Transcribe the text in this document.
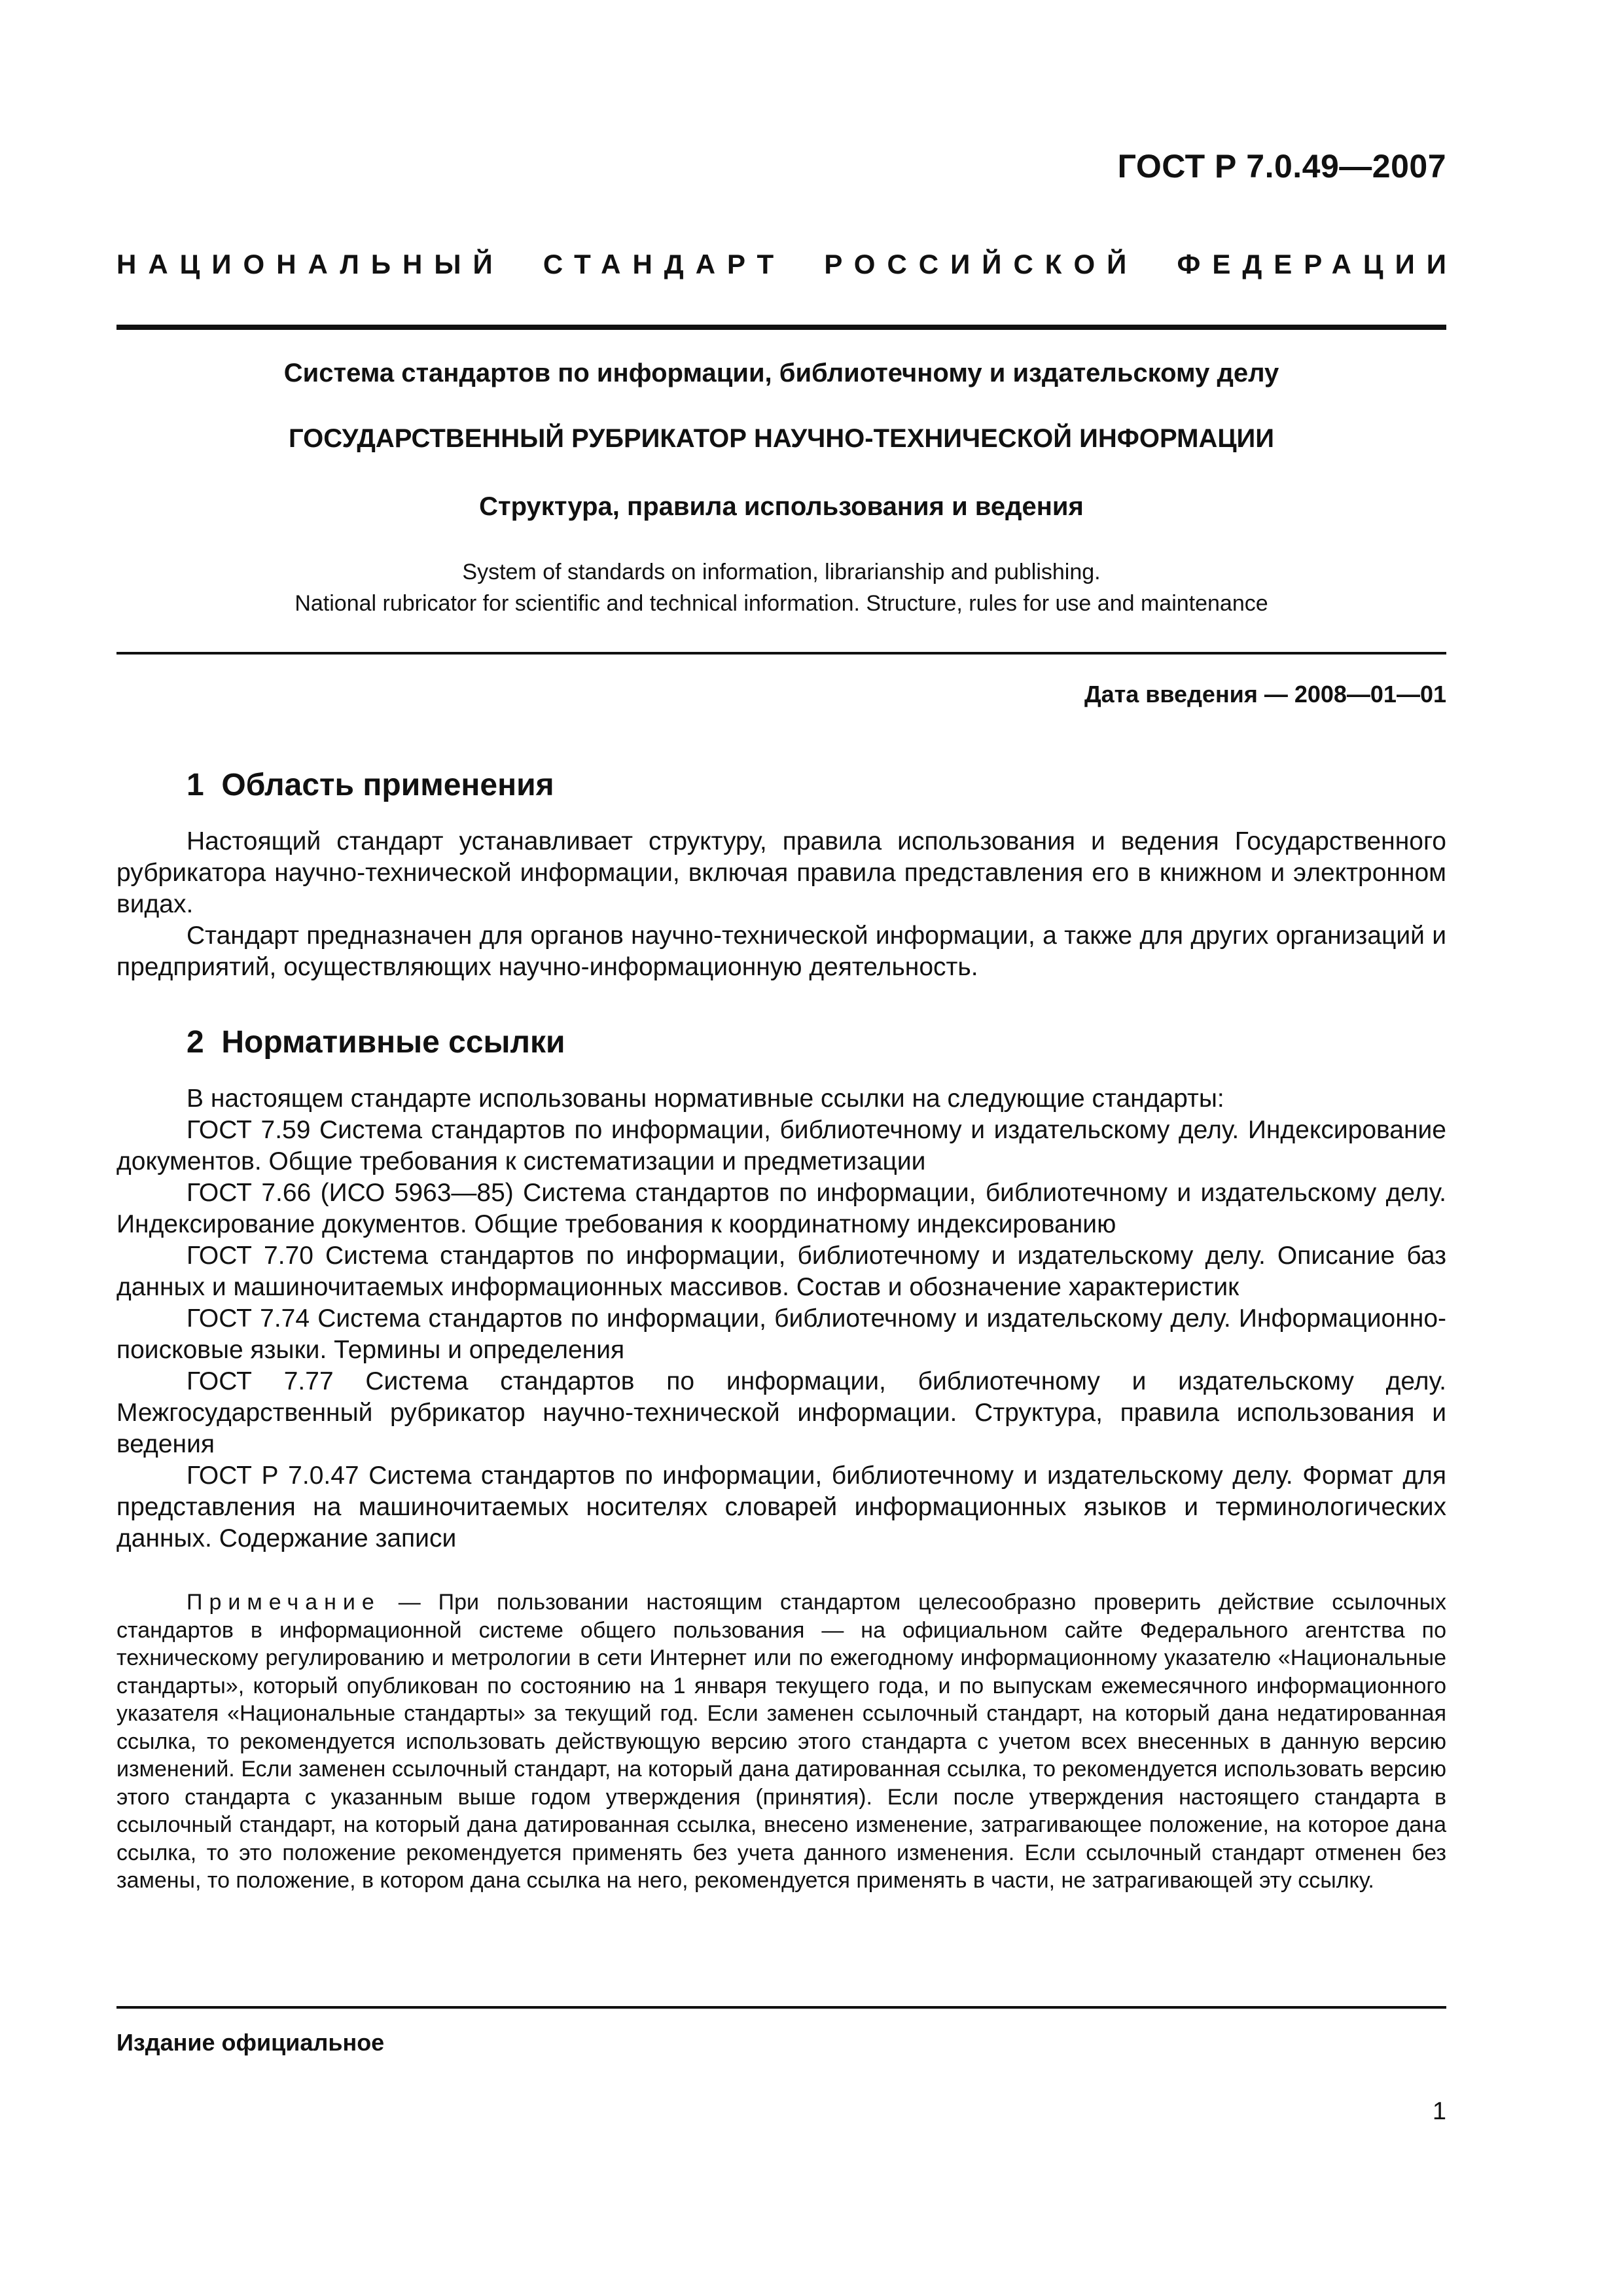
ГОСТ Р 7.0.49—2007
НАЦИОНАЛЬНЫЙ СТАНДАРТ РОССИЙСКОЙ ФЕДЕРАЦИИ
Система стандартов по информации, библиотечному и издательскому делу
ГОСУДАРСТВЕННЫЙ РУБРИКАТОР НАУЧНО-ТЕХНИЧЕСКОЙ ИНФОРМАЦИИ
Структура, правила использования и ведения
System of standards on information, librarianship and publishing.
National rubricator for scientific and technical information. Structure, rules for use and maintenance
Дата введения — 2008—01—01
1  Область применения

Настоящий стандарт устанавливает структуру, правила использования и ведения Государственного рубрикатора научно-технической информации, включая правила представления его в книжном и электронном видах.

Стандарт предназначен для органов научно-технической информации, а также для других организаций и предприятий, осуществляющих научно-информационную деятельность.

2  Нормативные ссылки

В настоящем стандарте использованы нормативные ссылки на следующие стандарты:

ГОСТ 7.59 Система стандартов по информации, библиотечному и издательскому делу. Индексирование документов. Общие требования к систематизации и предметизации

ГОСТ 7.66 (ИСО 5963—85) Система стандартов по информации, библиотечному и издательскому делу. Индексирование документов. Общие требования к координатному индексированию

ГОСТ 7.70 Система стандартов по информации, библиотечному и издательскому делу. Описание баз данных и машиночитаемых информационных массивов. Состав и обозначение характеристик

ГОСТ 7.74 Система стандартов по информации, библиотечному и издательскому делу. Информационно-поисковые языки. Термины и определения

ГОСТ 7.77 Система стандартов по информации, библиотечному и издательскому делу. Межгосударственный рубрикатор научно-технической информации. Структура, правила использования и ведения

ГОСТ Р 7.0.47 Система стандартов по информации, библиотечному и издательскому делу. Формат для представления на машиночитаемых носителях словарей информационных языков и терминологических данных. Содержание записи

Примечание — При пользовании настоящим стандартом целесообразно проверить действие ссылочных стандартов в информационной системе общего пользования — на официальном сайте Федерального агентства по техническому регулированию и метрологии в сети Интернет или по ежегодному информационному указателю «Национальные стандарты», который опубликован по состоянию на 1 января текущего года, и по выпускам ежемесячного информационного указателя «Национальные стандарты» за текущий год. Если заменен ссылочный стандарт, на который дана недатированная ссылка, то рекомендуется использовать действующую версию этого стандарта с учетом всех внесенных в данную версию изменений. Если заменен ссылочный стандарт, на который дана датированная ссылка, то рекомендуется использовать версию этого стандарта с указанным выше годом утверждения (принятия). Если после утверждения настоящего стандарта в ссылочный стандарт, на который дана датированная ссылка, внесено изменение, затрагивающее положение, на которое дана ссылка, то это положение рекомендуется применять без учета данного изменения. Если ссылочный стандарт отменен без замены, то положение, в котором дана ссылка на него, рекомендуется применять в части, не затрагивающей эту ссылку.

Издание официальное
1
